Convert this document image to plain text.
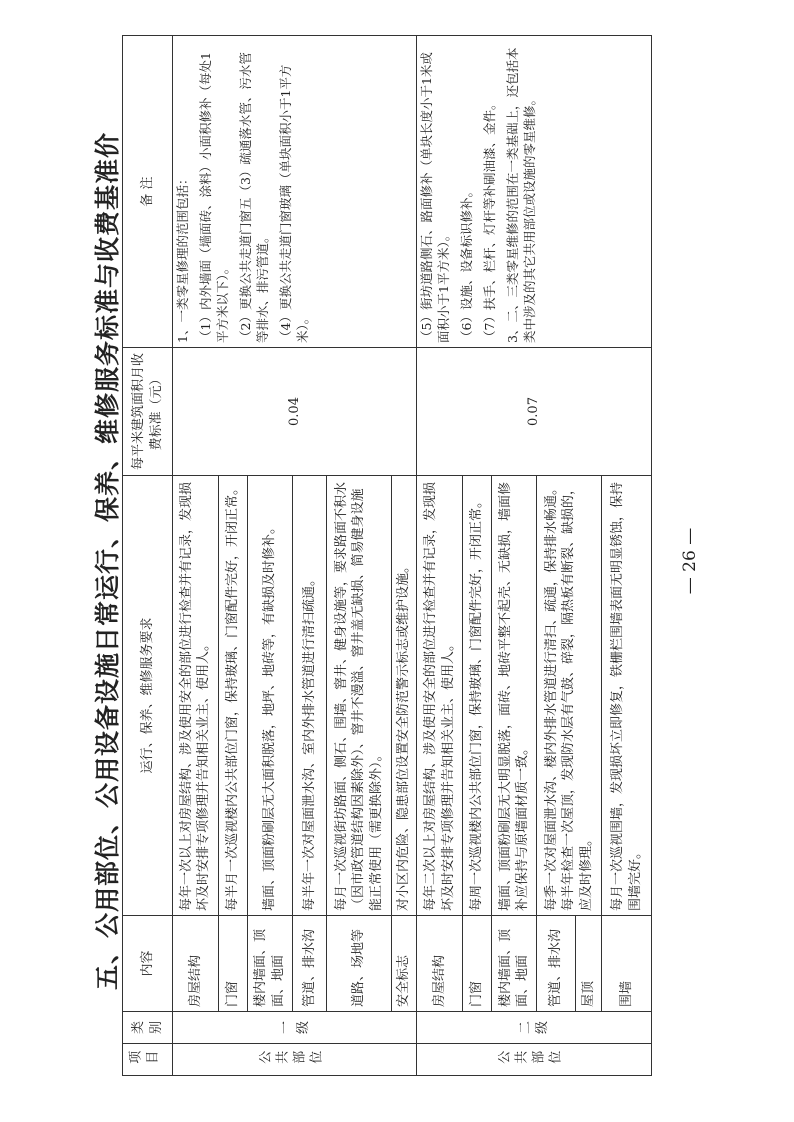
五、公用部位、公用设备设施日常运行、保养、维修服务标准与收费基准价
项目	类别	内容	运行、保养、维修服务要求	每平米建筑面积月收费标准（元）	备 注
公共部位	一级	房屋结构	每年一次以上对房屋结构、涉及使用安全的部位进行检查并有记录，发现损坏及时安排专项修理并告知相关业主、使用人。	0.04	1、一类零星修理的范围包括： （1）内外墙面（墙面砖、涂料）小面积修补（每处1平方米以下）。 （2）更换公共走道门窗五（3）疏通落水管、污水管等排水、排污管道。 （4）更换公共走道门窗玻璃（单块面积小于1平方米）。

		门窗	每半月一次巡视楼内公共部位门窗，保持玻璃、门窗配件完好，开闭正常。		
		楼内墙面、顶面、地面	墙面、顶面粉刷层无大面积脱落，地坪、地砖等，有缺损及时修补。		
		管道、排水沟	每半年一次对屋面泄水沟、室内外排水管道进行清扫疏通。		
		道路、场地等	每月一次巡视街坊路面、侧石、围墙、窨井、健身设施等，要求路面不积水（因市政管道结构因素除外）、窨井不漫溢、窨井盖无缺损、简易健身设施能正常使用（需更换除外）。		
		安全标志	对小区内危险、隐患部位设置安全防范警示标志或维护设施。		
公共部位	二级	房屋结构	每年二次以上对房屋结构、涉及使用安全的部位进行检查并有记录，发现损坏及时安排专项修理并告知相关业主、使用人。	0.07	（5）街坊道路侧石、路面修补（单块长度小于1米或面积小于1平方米）。 （6）设施、设备标识修补。 （7）扶手、栏杆、灯杆等补刷油漆、金件。 3、二、三类零星维修的范围在一类基础上，还包括本类中涉及的其它共用部位或设施的零星维修。

		门窗	每周一次巡视楼内公共部位门窗，保持玻璃、门窗配件完好，开闭正常。		
		楼内墙面、顶面、地面	墙面、顶面粉刷层无大明显脱落，面砖、地砖平整不起壳、无缺损，墙面修补应保持与原墙面材质一致。		
		管道、排水沟	每季一次对屋面泄水沟、楼内外排水管道进行清扫、疏通，保持排水畅通。每半年检查一次屋顶，发现防水层有气鼓、碎裂，隔热板有断裂、缺损的，应及时修理。		
		屋顶			
		围墙	每月一次巡视围墙，发现损坏立即修复，铁栅栏围墙表面无明显锈蚀，保持围墙完好。		
— 26 —
